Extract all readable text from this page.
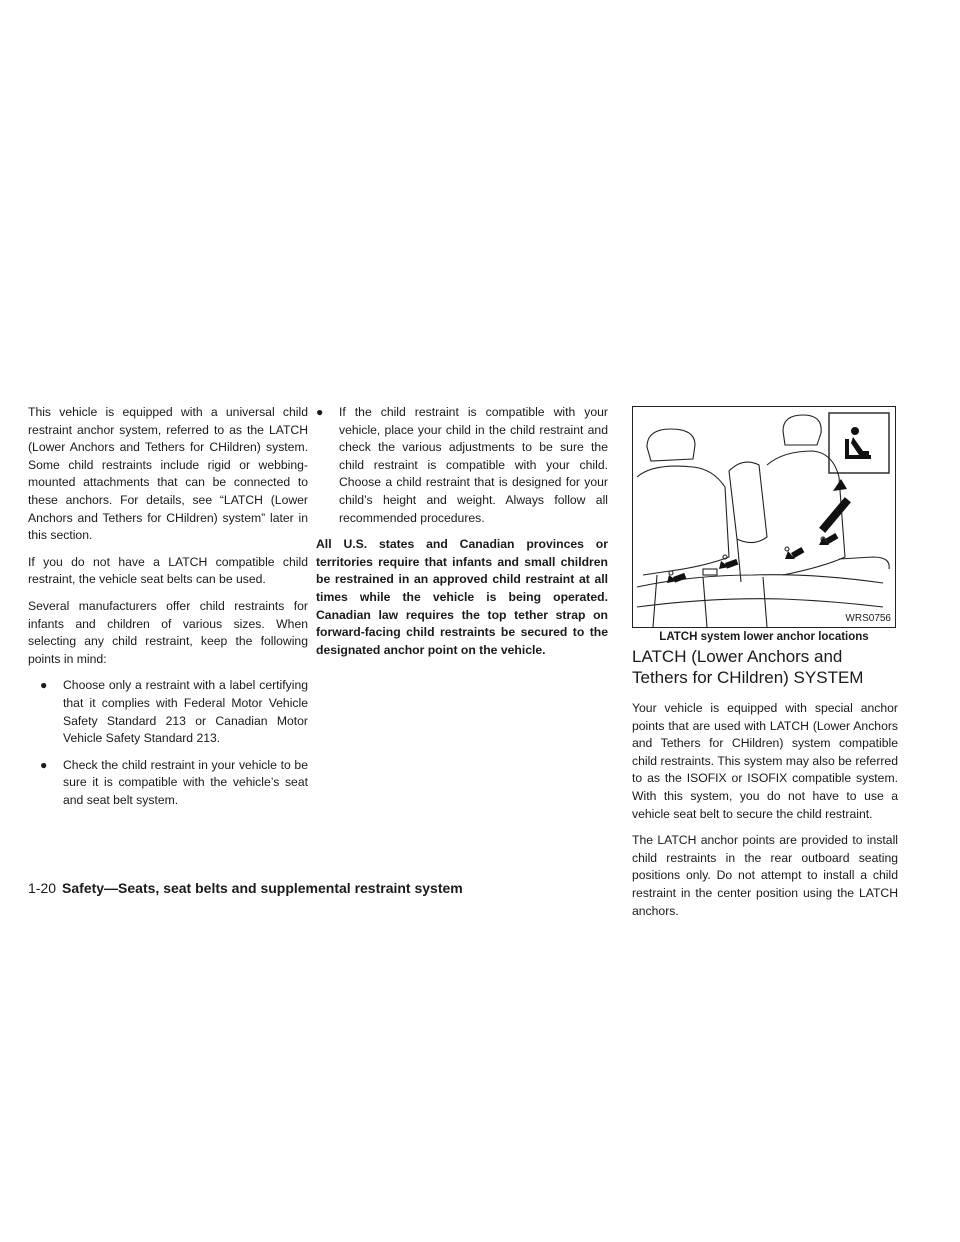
This vehicle is equipped with a universal child restraint anchor system, referred to as the LATCH (Lower Anchors and Tethers for CHildren) system. Some child restraints include rigid or webbing-mounted attachments that can be connected to these anchors. For details, see “LATCH (Lower Anchors and Tethers for CHildren) system” later in this section.

If you do not have a LATCH compatible child restraint, the vehicle seat belts can be used.

Several manufacturers offer child restraints for infants and children of various sizes. When selecting any child restraint, keep the following points in mind:

● Choose only a restraint with a label certifying that it complies with Federal Motor Vehicle Safety Standard 213 or Canadian Motor Vehicle Safety Standard 213.
● Check the child restraint in your vehicle to be sure it is compatible with the vehicle’s seat and seat belt system.
● If the child restraint is compatible with your vehicle, place your child in the child restraint and check the various adjustments to be sure the child restraint is compatible with your child. Choose a child restraint that is designed for your child’s height and weight. Always follow all recommended procedures.

All U.S. states and Canadian provinces or territories require that infants and small children be restrained in an approved child restraint at all times while the vehicle is being operated. Canadian law requires the top tether strap on forward-facing child restraints be secured to the designated anchor point on the vehicle.

WRS0756
LATCH system lower anchor locations
LATCH (Lower Anchors and Tethers for CHildren) SYSTEM

Your vehicle is equipped with special anchor points that are used with LATCH (Lower Anchors and Tethers for CHildren) system compatible child restraints. This system may also be referred to as the ISOFIX or ISOFIX compatible system. With this system, you do not have to use a vehicle seat belt to secure the child restraint.

The LATCH anchor points are provided to install child restraints in the rear outboard seating positions only. Do not attempt to install a child restraint in the center position using the LATCH anchors.

1-20 Safety—Seats, seat belts and supplemental restraint system
